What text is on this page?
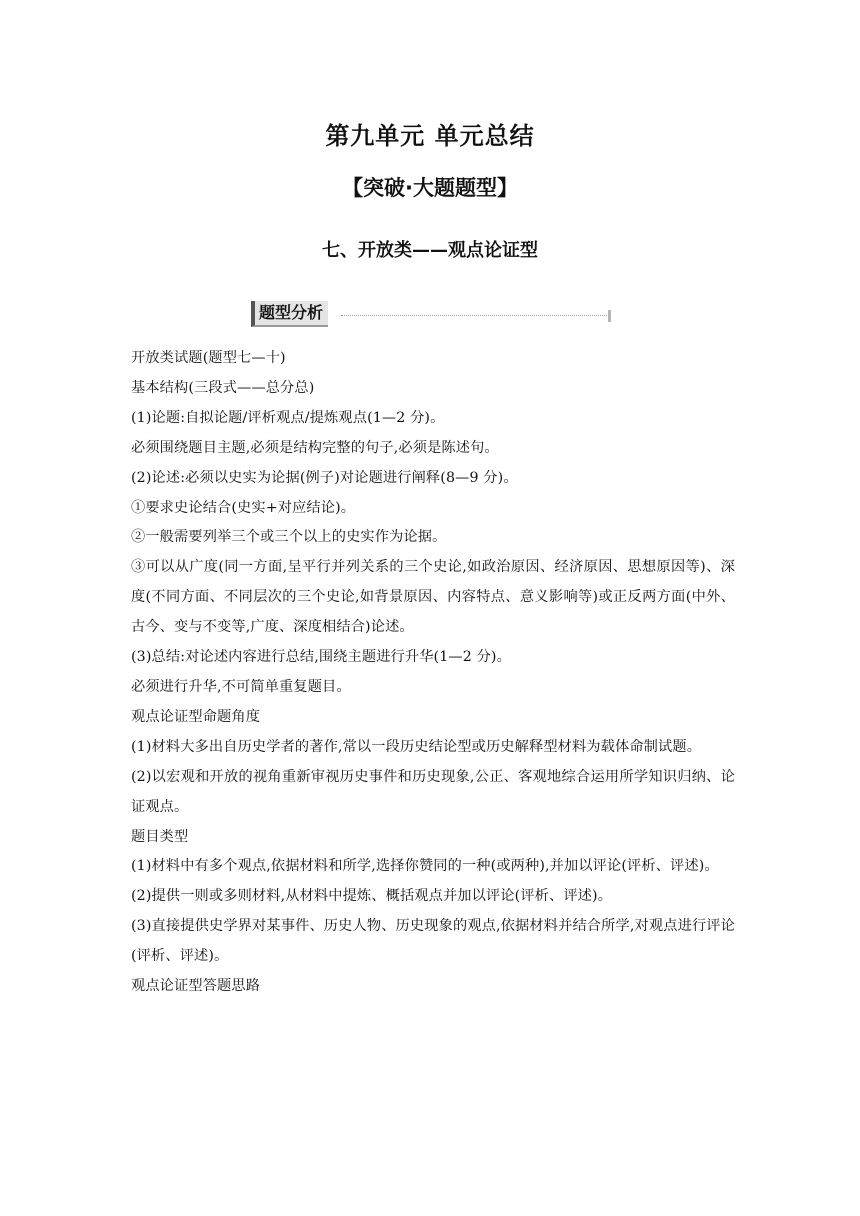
第九单元 单元总结
【突破·大题题型】
七、开放类——观点论证型
题型分析

开放类试题(题型七—十)

基本结构(三段式——总分总)

(1)论题:自拟论题/评析观点/提炼观点(1—2 分)。

必须围绕题目主题,必须是结构完整的句子,必须是陈述句。

(2)论述:必须以史实为论据(例子)对论题进行阐释(8—9 分)。

①要求史论结合(史实+对应结论)。

②一般需要列举三个或三个以上的史实作为论据。

③可以从广度(同一方面,呈平行并列关系的三个史论,如政治原因、经济原因、思想原因等)、深度(不同方面、不同层次的三个史论,如背景原因、内容特点、意义影响等)或正反两方面(中外、古今、变与不变等,广度、深度相结合)论述。

(3)总结:对论述内容进行总结,围绕主题进行升华(1—2 分)。

必须进行升华,不可简单重复题目。

观点论证型命题角度

(1)材料大多出自历史学者的著作,常以一段历史结论型或历史解释型材料为载体命制试题。

(2)以宏观和开放的视角重新审视历史事件和历史现象,公正、客观地综合运用所学知识归纳、论证观点。

题目类型

(1)材料中有多个观点,依据材料和所学,选择你赞同的一种(或两种),并加以评论(评析、评述)。

(2)提供一则或多则材料,从材料中提炼、概括观点并加以评论(评析、评述)。

(3)直接提供史学界对某事件、历史人物、历史现象的观点,依据材料并结合所学,对观点进行评论(评析、评述)。

观点论证型答题思路
